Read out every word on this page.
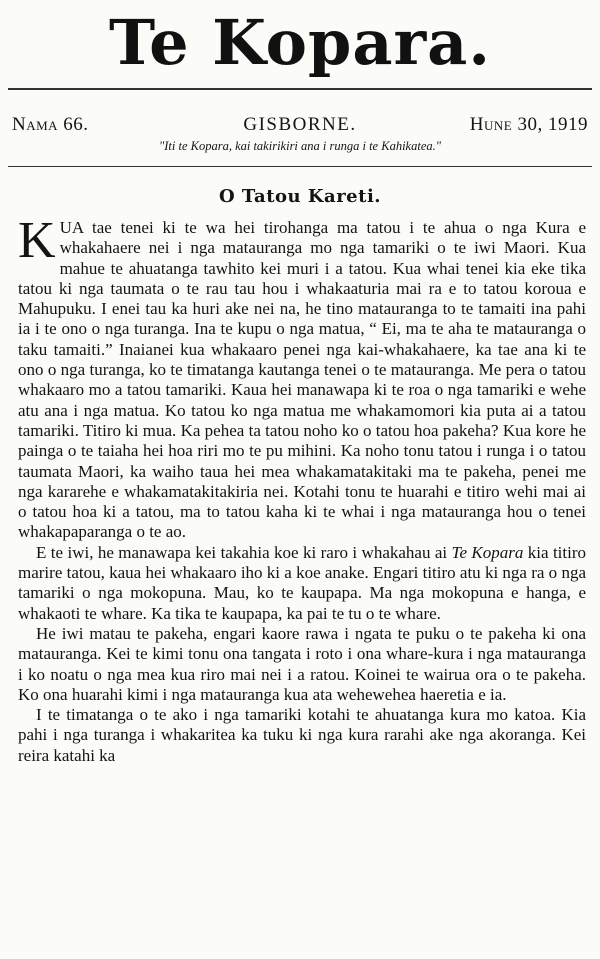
Te Kopara.
Nama 66.	GISBORNE.	Hune 30, 1919
"Iti te Kopara, kai takirikiri ana i runga i te Kahikatea."
O Tatou Kareti.

KUA tae tenei ki te wa hei tirohanga ma tatou i te ahua o nga Kura e whakahaere nei i nga matauranga mo nga tamariki o te iwi Maori. Kua mahue te ahuatanga tawhito kei muri i a tatou. Kua whai tenei kia eke tika tatou ki nga taumata o te rau tau hou i whakaaturia mai ra e to tatou koroua e Mahupuku. I enei tau ka huri ake nei na, he tino matauranga to te tamaiti ina pahi ia i te ono o nga turanga. Ina te kupu o nga matua, “ Ei, ma te aha te matauranga o taku tamaiti.” Inaianei kua whakaaro penei nga kai-whakahaere, ka tae ana ki te ono o nga turanga, ko te timatanga kautanga tenei o te matauranga. Me pera o tatou whakaaro mo a tatou tamariki. Kaua hei manawapa ki te roa o nga tamariki e wehe atu ana i nga matua. Ko tatou ko nga matua me whakamomori kia puta ai a tatou tamariki. Titiro ki mua. Ka pehea ta tatou noho ko o tatou hoa pakeha? Kua kore he painga o te taiaha hei hoa riri mo te pu mihini. Ka noho tonu tatou i runga i o tatou taumata Maori, ka waiho taua hei mea whakamatakitaki ma te pakeha, penei me nga kararehe e whakamatakitakiria nei. Kotahi tonu te huarahi e titiro wehi mai ai o tatou hoa ki a tatou, ma to tatou kaha ki te whai i nga matauranga hou o tenei whakapaparanga o te ao.

E te iwi, he manawapa kei takahia koe ki raro i whakahau ai Te Kopara kia titiro marire tatou, kaua hei whakaaro iho ki a koe anake. Engari titiro atu ki nga ra o nga tamariki o nga mokopuna. Mau, ko te kaupapa. Ma nga mokopuna e hanga, e whakaoti te whare. Ka tika te kaupapa, ka pai te tu o te whare.

He iwi matau te pakeha, engari kaore rawa i ngata te puku o te pakeha ki ona matauranga. Kei te kimi tonu ona tangata i roto i ona whare-kura i nga matauranga i ko noatu o nga mea kua riro mai nei i a ratou. Koinei te wairua ora o te pakeha. Ko ona huarahi kimi i nga matauranga kua ata wehewehea haeretia e ia.

I te timatanga o te ako i nga tamariki kotahi te ahuatanga kura mo katoa. Kia pahi i nga turanga i whakaritea ka tuku ki nga kura rarahi ake nga akoranga. Kei reira katahi ka
